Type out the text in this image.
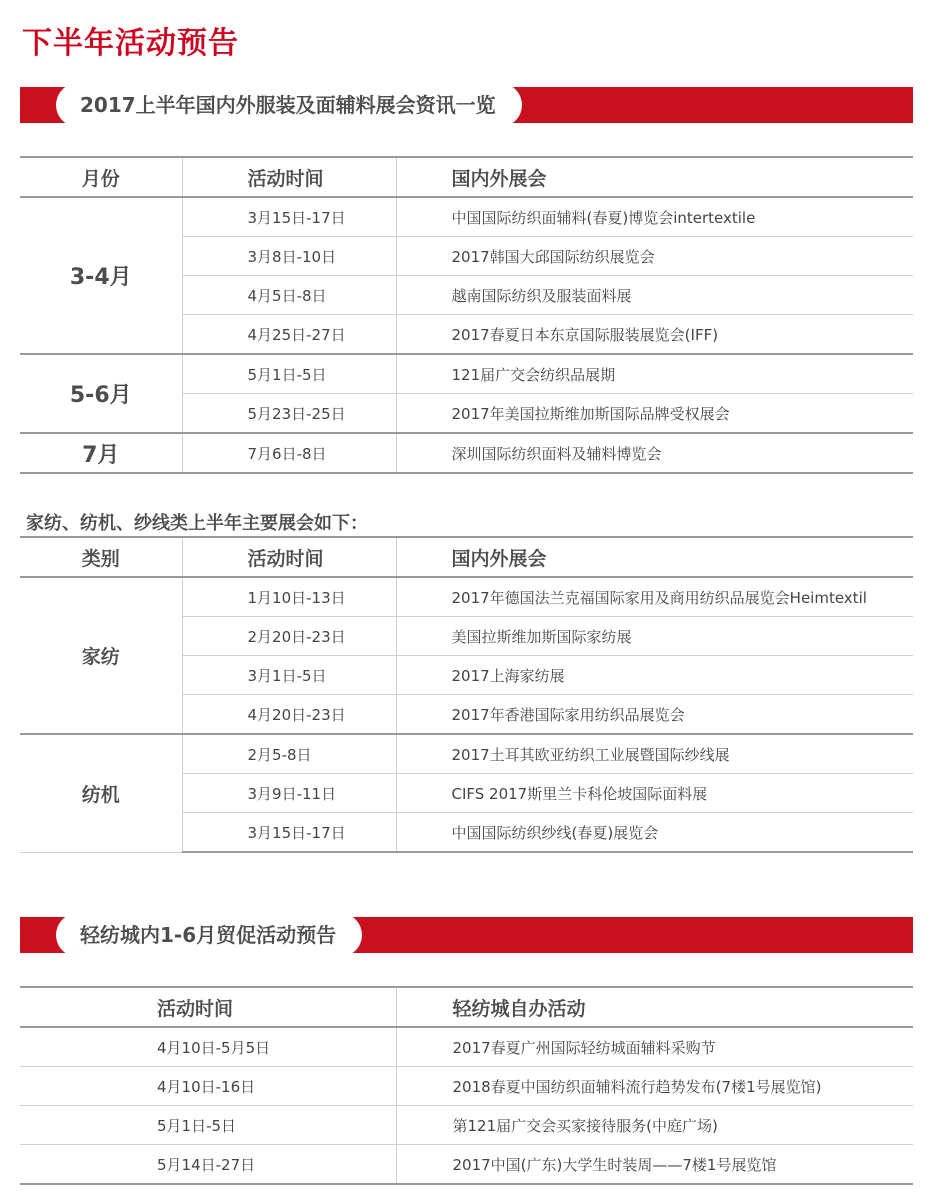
下半年活动预告
2017上半年国内外服装及面辅料展会资讯一览
月份	活动时间	国内外展会
3-4月	3月15日-17日	中国国际纺织面辅料(春夏)博览会intertextile
	3月8日-10日	2017韩国大邱国际纺织展览会
	4月5日-8日	越南国际纺织及服装面料展
	4月25日-27日	2017春夏日本东京国际服装展览会(IFF)
5-6月	5月1日-5日	121届广交会纺织品展期
	5月23日-25日	2017年美国拉斯维加斯国际品牌受权展会
7月	7月6日-8日	深圳国际纺织面料及辅料博览会

家纺、纺机、纱线类上半年主要展会如下：

类别	活动时间	国内外展会
家纺	1月10日-13日	2017年德国法兰克福国际家用及商用纺织品展览会Heimtextil
	2月20日-23日	美国拉斯维加斯国际家纺展
	3月1日-5日	2017上海家纺展
	4月20日-23日	2017年香港国际家用纺织品展览会
纺机	2月5-8日	2017土耳其欧亚纺织工业展暨国际纱线展
	3月9日-11日	CIFS 2017斯里兰卡科伦坡国际面料展
	3月15日-17日	中国国际纺织纱线(春夏)展览会
轻纺城内1-6月贸促活动预告
活动时间	轻纺城自办活动
4月10日-5月5日	2017春夏广州国际轻纺城面辅料采购节
4月10日-16日	2018春夏中国纺织面辅料流行趋势发布(7楼1号展览馆)
5月1日-5日	第121届广交会买家接待服务(中庭广场)
5月14日-27日	2017中国(广东)大学生时装周——7楼1号展览馆
